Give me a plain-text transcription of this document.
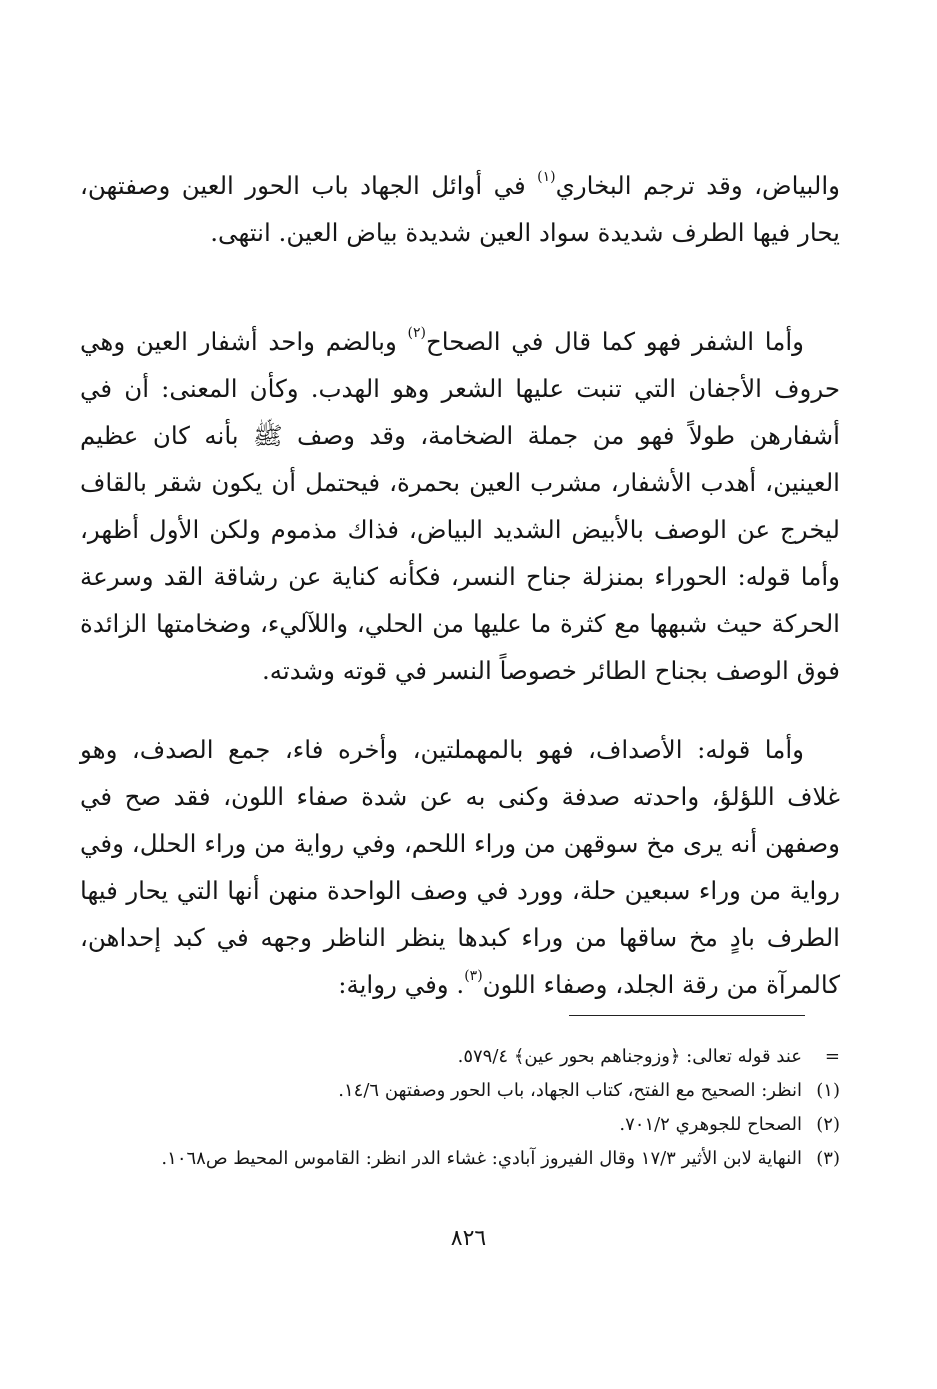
والبياض، وقد ترجم البخاري$^{(١)}$ في أوائل الجهاد باب الحور العين وصفتهن، يحار فيها الطرف شديدة سواد العين شديدة بياض العين. انتهى.

وأما الشفر فهو كما قال في الصحاح$^{(٢)}$ وبالضم واحد أشفار العين وهي حروف الأجفان التي تنبت عليها الشعر وهو الهدب. وكأن المعنى: أن في أشفارهن طولاً فهو من جملة الضخامة، وقد وصف ﷺ بأنه كان عظيم العينين، أهدب الأشفار، مشرب العين بحمرة، فيحتمل أن يكون شقر بالقاف ليخرج عن الوصف بالأبيض الشديد البياض، فذاك مذموم ولكن الأول أظهر، وأما قوله: الحوراء بمنزلة جناح النسر، فكأنه كناية عن رشاقة القد وسرعة الحركة حيث شبهها مع كثرة ما عليها من الحلي، واللآليء، وضخامتها الزائدة فوق الوصف بجناح الطائر خصوصاً النسر في قوته وشدته.

وأما قوله: الأصداف، فهو بالمهملتين، وأخره فاء، جمع الصدف، وهو غلاف اللؤلؤ، واحدته صدفة وكنى به عن شدة صفاء اللون، فقد صح في وصفهن أنه يرى مخ سوقهن من وراء اللحم، وفي رواية من وراء الحلل، وفي رواية من وراء سبعين حلة، وورد في وصف الواحدة منهن أنها التي يحار فيها الطرف بادٍ مخ ساقها من وراء كبدها ينظر الناظر وجهه في كبد إحداهن، كالمرآة من رقة الجلد، وصفاء اللون$^{(٣)}$. وفي رواية:

=
عند قوله تعالى: ﴿وزوجناهم بحور عين﴾ ٥٧٩/٤.
(١)
انظر: الصحيح مع الفتح، كتاب الجهاد، باب الحور وصفتهن ١٤/٦.
(٢)
الصحاح للجوهري ٧٠١/٢.
(٣)
النهاية لابن الأثير ١٧/٣ وقال الفيروز آبادي: غشاء الدر انظر: القاموس المحيط ص١٠٦٨.
٨٢٦
